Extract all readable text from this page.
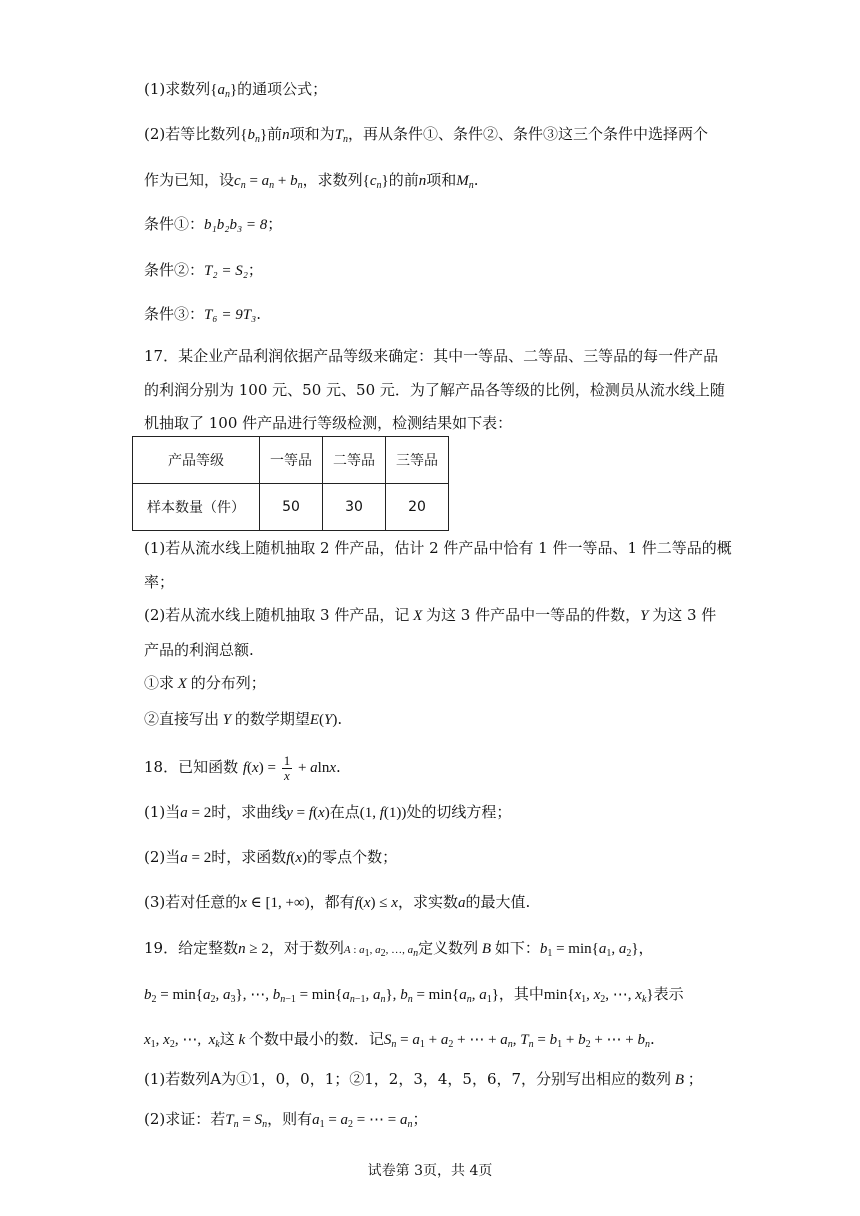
(1)求数列$\{a_n\}$的通项公式；
(2)若等比数列$\{b_n\}$前n项和为$T_n$，再从条件①、条件②、条件③这三个条件中选择两个
作为已知，设$c_n = a_n + b_n$，求数列$\{c_n\}$的前n项和$M_n$.
条件①：b₁b₂b₃ = 8；
条件②：T₂ = S₂；
条件③：T₆ = 9T₃.
17．某企业产品利润依据产品等级来确定：其中一等品、二等品、三等品的每一件产品
的利润分别为 100 元、50 元、50 元．为了解产品各等级的比例，检测员从流水线上随
机抽取了 100 件产品进行等级检测，检测结果如下表：
产品等级	一等品	二等品	三等品
样本数量（件）	50	30	20
(1)若从流水线上随机抽取 2 件产品，估计 2 件产品中恰有 1 件一等品、1 件二等品的概
率；
(2)若从流水线上随机抽取 3 件产品，记 X 为这 3 件产品中一等品的件数，Y 为这 3 件
产品的利润总额.
①求 X 的分布列；
②直接写出 Y 的数学期望E(Y).
18．已知函数 $f(x) = \frac{1}{x} + alnx$.
(1)当a = 2时，求曲线y = f(x)在点(1, f(1))处的切线方程；
(2)当a = 2时，求函数f(x)的零点个数；
(3)若对任意的x ∈ [1, +∞)，都有f(x) ≤ x，求实数a的最大值.
19．给定整数n ≥ 2，对于数列A : $a_1$, $a_2$, …, $a_n$定义数列 B 如下：$b_1 = \min\{a_1$, $a_2$}，
$b_2 = \min\{a_2$, $a_3$}, ⋯, $b_{n-1} = \min\{a_{n-1}$, $a_n$}, $b_n = \min\{a_n$, $a_1$}，其中$\min\{x_1$, $x_2$, ⋯, $x_k$}表示
$x_1$, $x_2$, ⋯,  $x_k$这 k 个数中最小的数．记$S_n = a_1 + a_2$ + ⋯ + $a_n$, $T_n = b_1 + b_2$ + ⋯ + $b_n$.
(1)若数列A为①1，0，0，1；②1，2，3，4，5，6，7，分别写出相应的数列 B ；
(2)求证：若$T_n = S_n$，则有$a_1 = a_2$ = ⋯ = $a_n$；
试卷第 3页，共 4页
